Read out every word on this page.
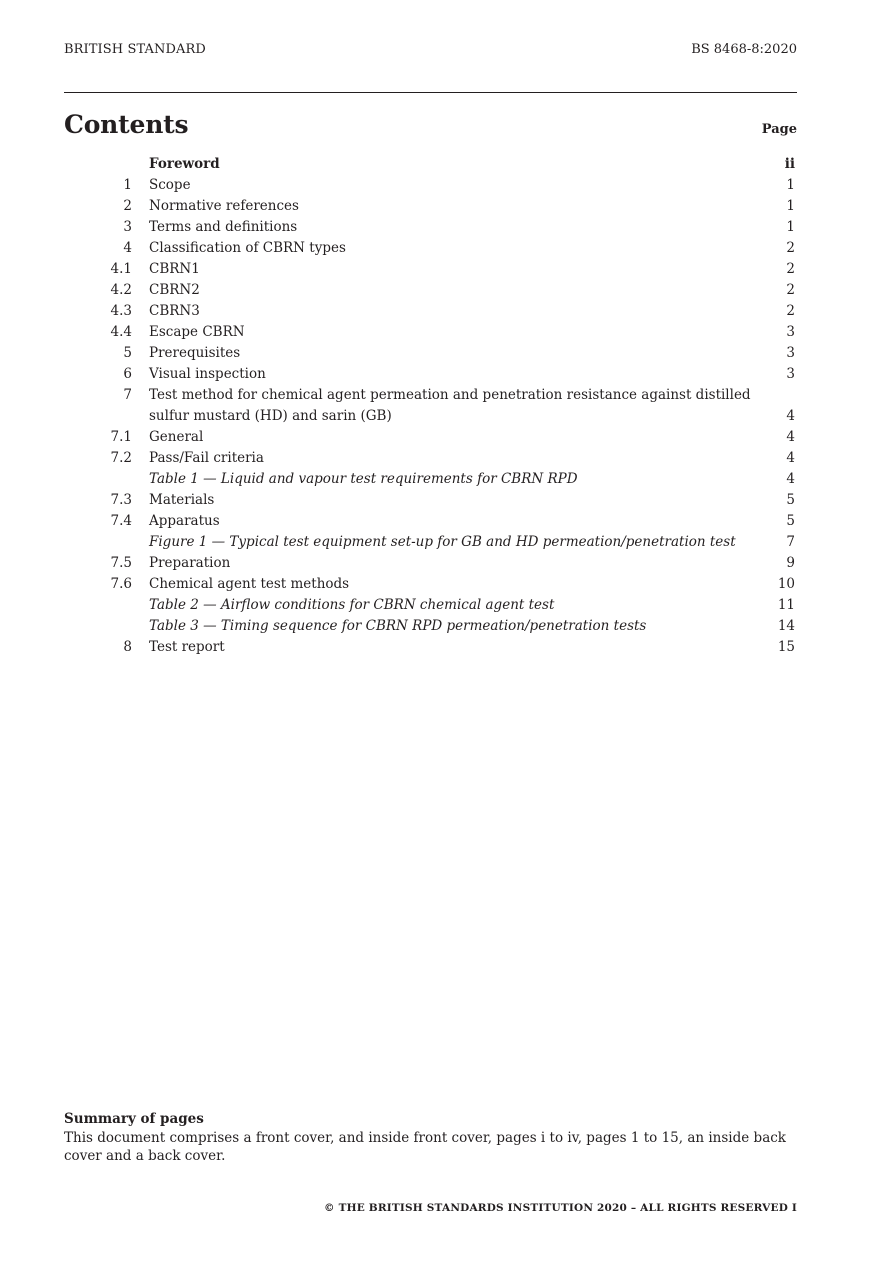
BRITISH STANDARD	BS 8468-8:2020
Contents	Page
Foreword	ii
1 Scope	1
2 Normative references	1
3 Terms and definitions	1
4 Classification of CBRN types	2
4.1 CBRN1	2
4.2 CBRN2	2
4.3 CBRN3	2
4.4 Escape CBRN	3
5 Prerequisites	3
6 Visual inspection	3
7 Test method for chemical agent permeation and penetration resistance against distilled sulfur mustard (HD) and sarin (GB)	4
7.1 General	4
7.2 Pass/Fail criteria	4
Table 1 — Liquid and vapour test requirements for CBRN RPD	4
7.3 Materials	5
7.4 Apparatus	5
Figure 1 — Typical test equipment set-up for GB and HD permeation/penetration test	7
7.5 Preparation	9
7.6 Chemical agent test methods	10
Table 2 — Airflow conditions for CBRN chemical agent test	11
Table 3 — Timing sequence for CBRN RPD permeation/penetration tests	14
8 Test report	15
Summary of pages
This document comprises a front cover, and inside front cover, pages i to iv, pages 1 to 15, an inside back cover and a back cover.
© THE BRITISH STANDARDS INSTITUTION 2020 – ALL RIGHTS RESERVED I
